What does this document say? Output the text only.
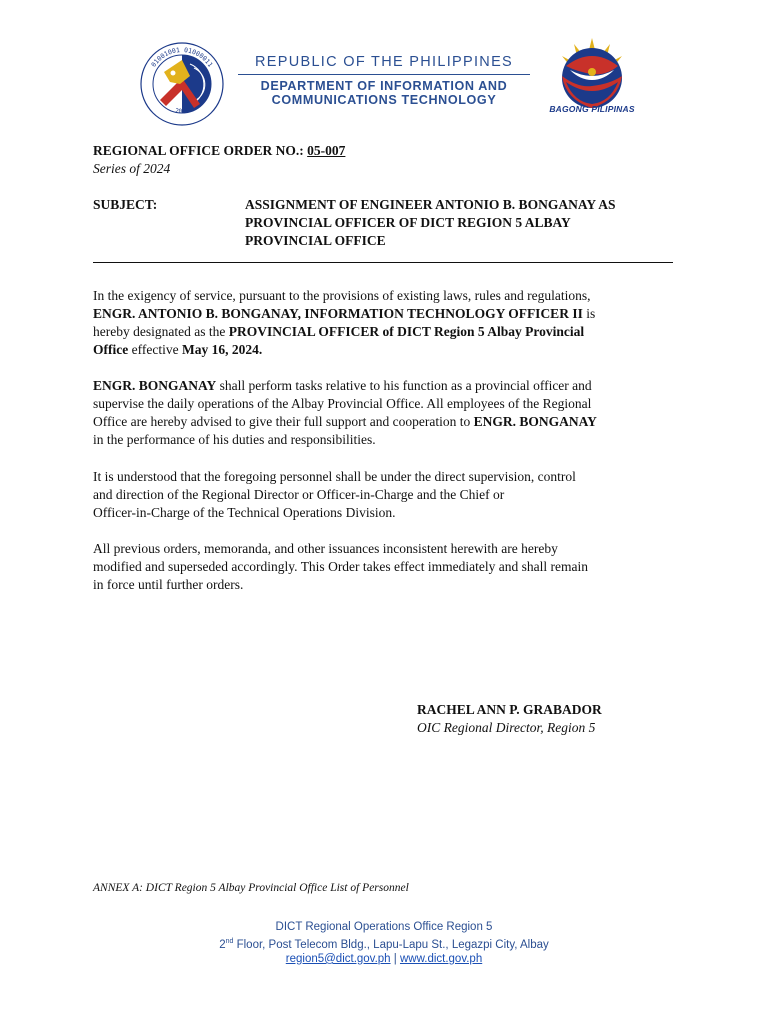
01001001 01000011
2016
REPUBLIC OF THE PHILIPPINES
DEPARTMENT OF INFORMATION AND
COMMUNICATIONS TECHNOLOGY
BAGONG PILIPINAS
REGIONAL OFFICE ORDER NO.: 05-007
Series of 2024
SUBJECT:	ASSIGNMENT OF ENGINEER ANTONIO B. BONGANAY AS
PROVINCIAL OFFICER OF DICT REGION 5 ALBAY
PROVINCIAL OFFICE
In the exigency of service, pursuant to the provisions of existing laws, rules and regulations,
ENGR. ANTONIO B. BONGANAY, INFORMATION TECHNOLOGY OFFICER II is
hereby designated as the PROVINCIAL OFFICER of DICT Region 5 Albay Provincial
Office effective May 16, 2024.
ENGR. BONGANAY shall perform tasks relative to his function as a provincial officer and
supervise the daily operations of the Albay Provincial Office. All employees of the Regional
Office are hereby advised to give their full support and cooperation to ENGR. BONGANAY
in the performance of his duties and responsibilities.
It is understood that the foregoing personnel shall be under the direct supervision, control
and direction of the Regional Director or Officer-in-Charge and the Chief or
Officer-in-Charge of the Technical Operations Division.
All previous orders, memoranda, and other issuances inconsistent herewith are hereby
modified and superseded accordingly. This Order takes effect immediately and shall remain
in force until further orders.
RACHEL ANN P. GRABADOR
OIC Regional Director, Region 5
ANNEX A: DICT Region 5 Albay Provincial Office List of Personnel
DICT Regional Operations Office Region 5
2nd Floor, Post Telecom Bldg., Lapu-Lapu St., Legazpi City, Albay
region5@dict.gov.ph | www.dict.gov.ph
